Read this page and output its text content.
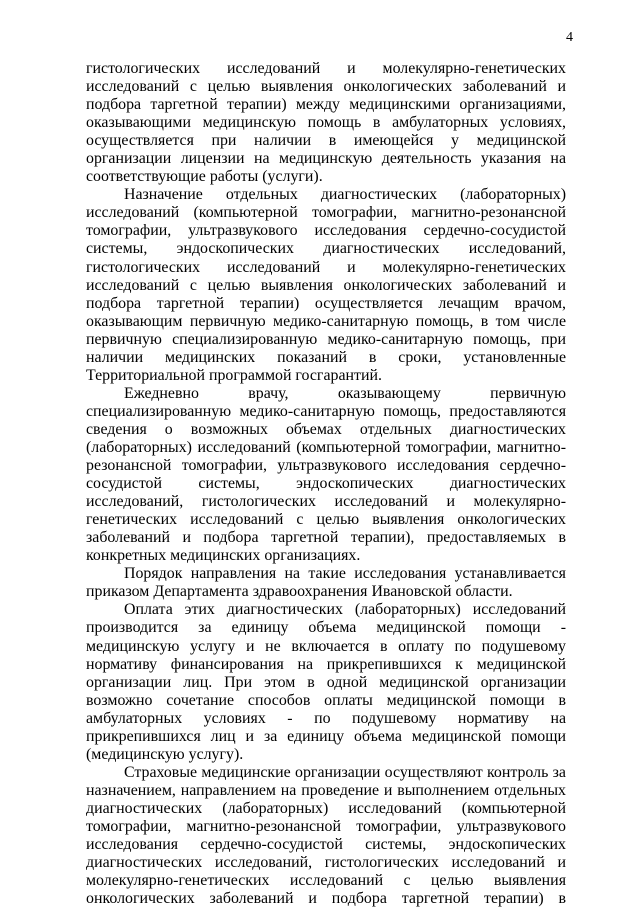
4

гистологических исследований и молекулярно-генетических исследований с целью выявления онкологических заболеваний и подбора таргетной терапии) между медицинскими организациями, оказывающими медицинскую помощь в амбулаторных условиях, осуществляется при наличии в имеющейся у медицинской организации лицензии на медицинскую деятельность указания на соответствующие работы (услуги).

Назначение отдельных диагностических (лабораторных) исследований (компьютерной томографии, магнитно-резонансной томографии, ультразвукового исследования сердечно-сосудистой системы, эндоскопических диагностических исследований, гистологических исследований и молекулярно-генетических исследований с целью выявления онкологических заболеваний и подбора таргетной терапии) осуществляется лечащим врачом, оказывающим первичную медико-санитарную помощь, в том числе первичную специализированную медико-санитарную помощь, при наличии медицинских показаний в сроки, установленные Территориальной программой госгарантий.

Ежедневно врачу, оказывающему первичную специализированную медико-санитарную помощь, предоставляются сведения о возможных объемах отдельных диагностических (лабораторных) исследований (компьютерной томографии, магнитно-резонансной томографии, ультразвукового исследования сердечно-сосудистой системы, эндоскопических диагностических исследований, гистологических исследований и молекулярно-генетических исследований с целью выявления онкологических заболеваний и подбора таргетной терапии), предоставляемых в конкретных медицинских организациях.

Порядок направления на такие исследования устанавливается приказом Департамента здравоохранения Ивановской области.

Оплата этих диагностических (лабораторных) исследований производится за единицу объема медицинской помощи - медицинскую услугу и не включается в оплату по подушевому нормативу финансирования на прикрепившихся к медицинской организации лиц. При этом в одной медицинской организации возможно сочетание способов оплаты медицинской помощи в амбулаторных условиях - по подушевому нормативу на прикрепившихся лиц и за единицу объема медицинской помощи (медицинскую услугу).

Страховые медицинские организации осуществляют контроль за назначением, направлением на проведение и выполнением отдельных диагностических (лабораторных) исследований (компьютерной томографии, магнитно-резонансной томографии, ультразвукового исследования сердечно-сосудистой системы, эндоскопических диагностических исследований, гистологических исследований и молекулярно-генетических исследований с целью выявления онкологических заболеваний и подбора таргетной терапии) в
